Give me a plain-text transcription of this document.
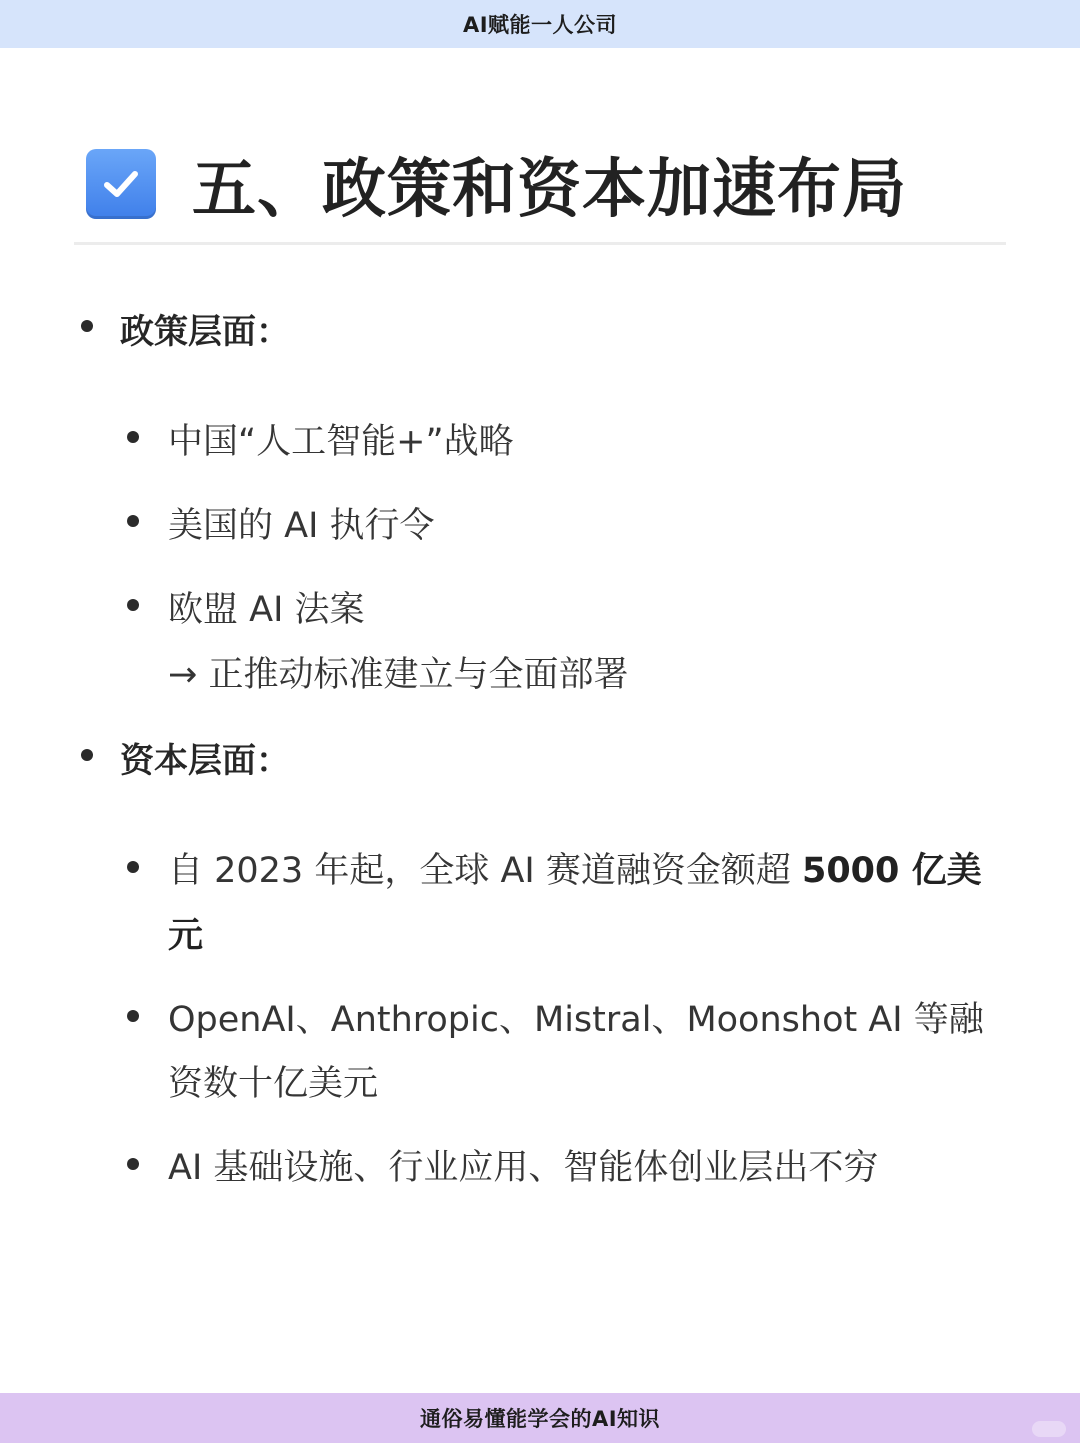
AI赋能一人公司
五、政策和资本加速布局
政策层面：
中国“人工智能+”战略
美国的 AI 执行令
欧盟 AI 法案
→ 正推动标准建立与全面部署
资本层面：
自 2023 年起，全球 AI 赛道融资金额超 5000 亿美
元
OpenAI、Anthropic、Mistral、Moonshot AI 等融
资数十亿美元
AI 基础设施、行业应用、智能体创业层出不穷
通俗易懂能学会的AI知识
